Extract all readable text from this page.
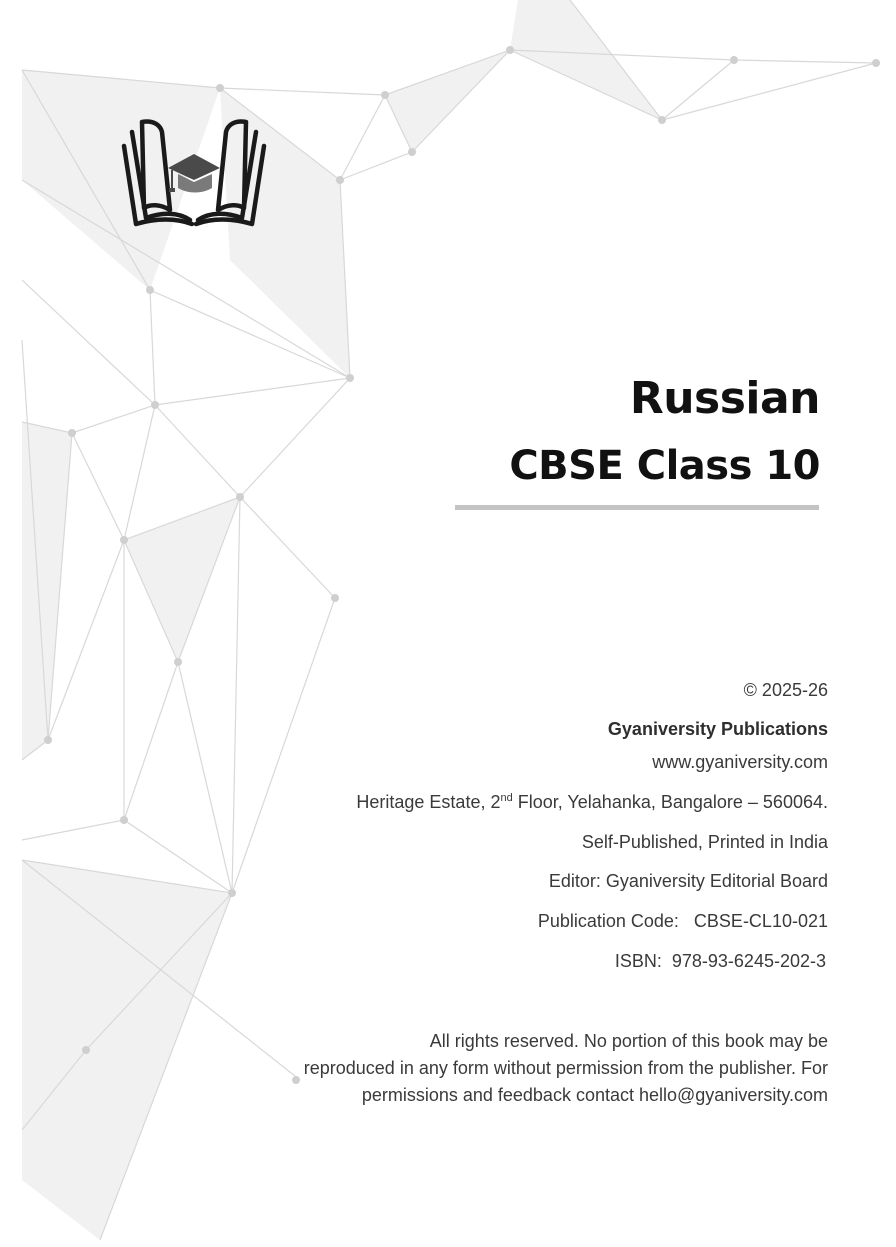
Russian
CBSE Class 10
© 2025-26
Gyaniversity Publications
www.gyaniversity.com
Heritage Estate, 2nd Floor, Yelahanka, Bangalore – 560064.
Self-Published, Printed in India
Editor: Gyaniversity Editorial Board
Publication Code:   CBSE-CL10-021
ISBN:  978-93-6245-202-3
All rights reserved. No portion of this book may be
reproduced in any form without permission from the publisher. For
permissions and feedback contact hello@gyaniversity.com
